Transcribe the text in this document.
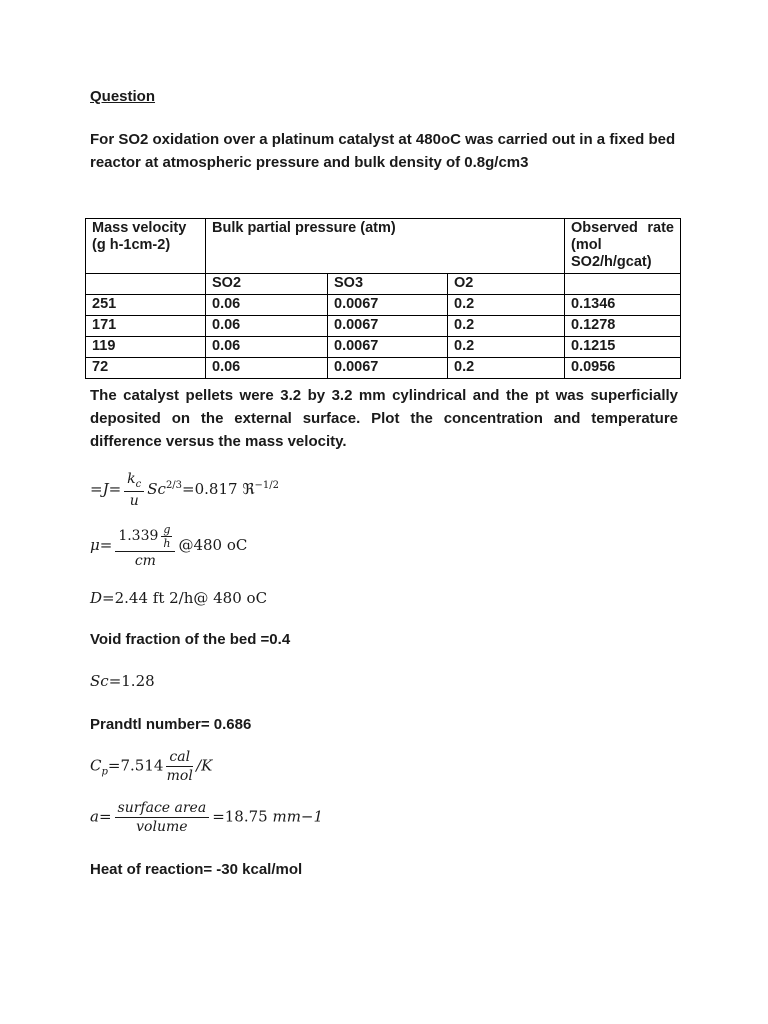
Question

For SO2 oxidation over a platinum catalyst at 480oC was carried out in a fixed bed reactor at atmospheric pressure and bulk density of 0.8g/cm3

Mass velocity
(g h-1cm-2)
	Bulk partial pressure (atm)	Observed rate
(mol
SO2/h/gcat)

	SO2	SO3	O2	
251	0.06	0.0067	0.2	0.1346
171	0.06	0.0067	0.2	0.1278
119	0.06	0.0067	0.2	0.1215
72	0.06	0.0067	0.2	0.0956

The catalyst pellets were 3.2 by 3.2 mm cylindrical and the pt was superficially deposited on the external surface. Plot the concentration and temperature difference versus the mass velocity.

$=J= \frac{k_c}{u} Sc^{2/3}=0.817$ ℜ$^{-1/2}$
$\mu= \frac{1.339 \frac{g}{h}}{cm}$ @480 oC
D=2.44 ft 2/h@ 480 oC
Void fraction of the bed =0.4
Sc=1.28
Prandtl number= 0.686
$C_p=7.514 \frac{\text{cal}}{\text{mol}} /K$
$a= \frac{\text{surface area}}{\text{volume}} =18.75$ mm−1
Heat of reaction= -30 kcal/mol
